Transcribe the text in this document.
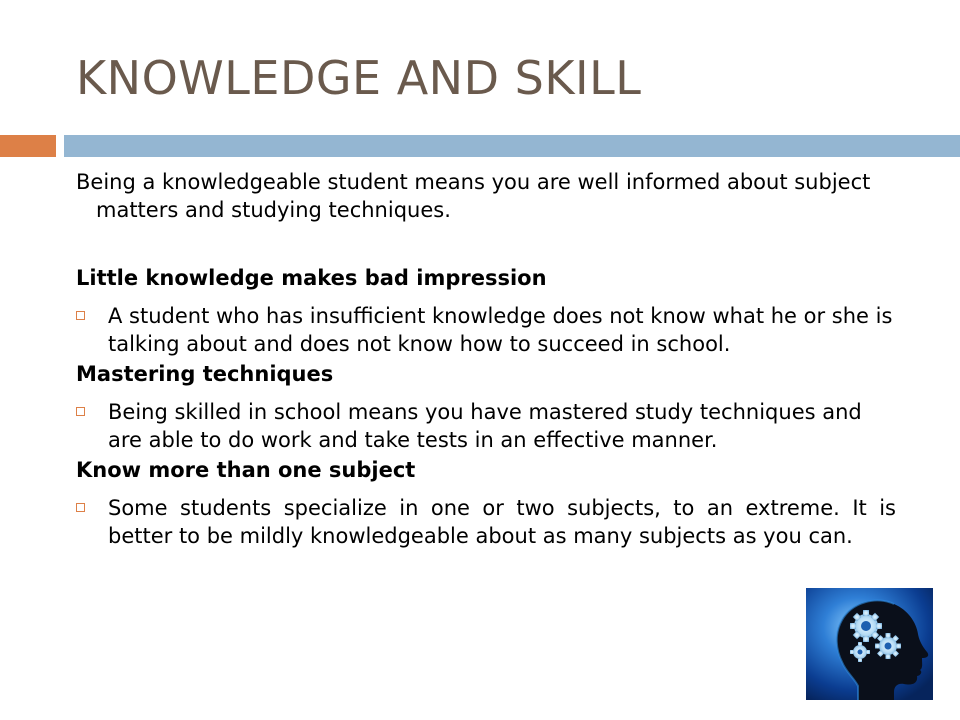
KNOWLEDGE AND SKILL

Being a knowledgeable student means you are well informed about subject matters and studying techniques.

Little knowledge makes bad impression

A student who has insufficient knowledge does not know what he or she is talking about and does not know how to succeed in school.

Mastering techniques

Being skilled in school means you have mastered study techniques and are able to do work and take tests in an effective manner.

Know more than one subject

Some students specialize in one or two subjects, to an extreme. It is better to be mildly knowledgeable about as many subjects as you can.
